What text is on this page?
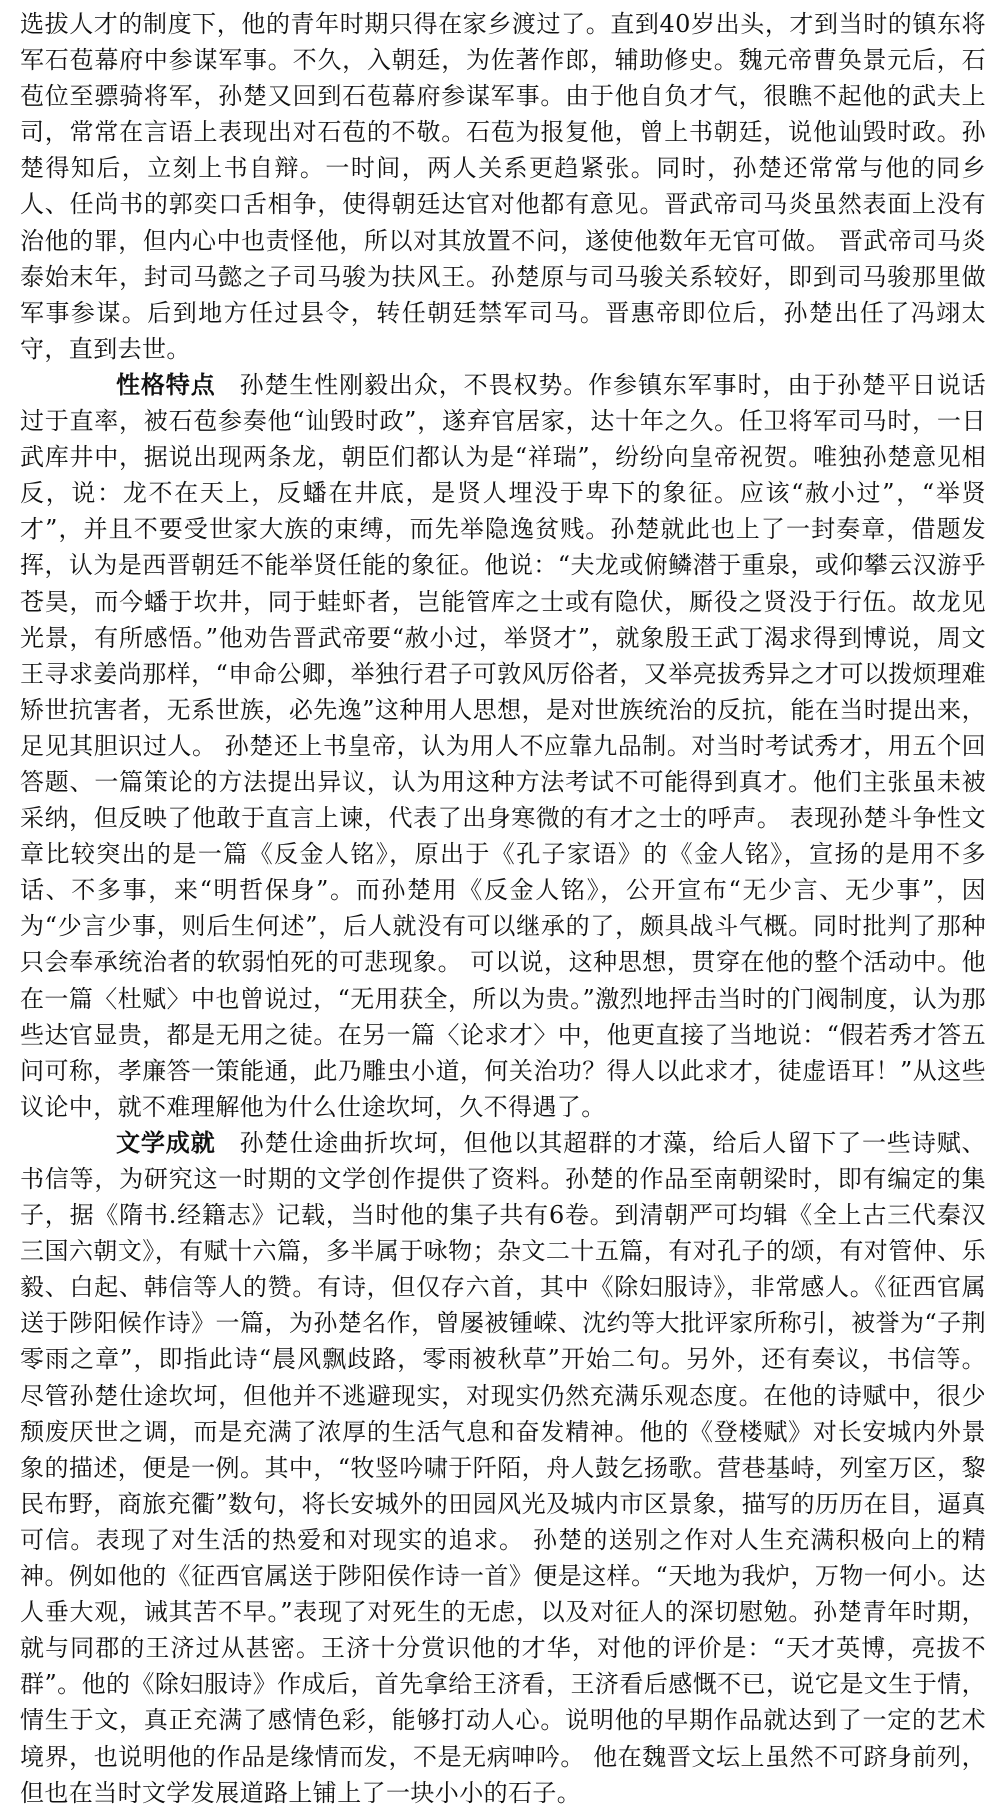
选拔人才的制度下，他的青年时期只得在家乡渡过了。直到40岁出头，才到当时的镇东将军石苞幕府中参谋军事。不久，入朝廷，为佐著作郎，辅助修史。魏元帝曹奂景元后，石苞位至骠骑将军，孙楚又回到石苞幕府参谋军事。由于他自负才气，很瞧不起他的武夫上司，常常在言语上表现出对石苞的不敬。石苞为报复他，曾上书朝廷，说他讪毁时政。孙楚得知后，立刻上书自辩。一时间，两人关系更趋紧张。同时，孙楚还常常与他的同乡人、任尚书的郭奕口舌相争，使得朝廷达官对他都有意见。晋武帝司马炎虽然表面上没有治他的罪，但内心中也责怪他，所以对其放置不问，遂使他数年无官可做。 晋武帝司马炎泰始末年，封司马懿之子司马骏为扶风王。孙楚原与司马骏关系较好，即到司马骏那里做军事参谋。后到地方任过县令，转任朝廷禁军司马。晋惠帝即位后，孙楚出任了冯翊太守，直到去世。

性格特点 孙楚生性刚毅出众，不畏权势。作参镇东军事时，由于孙楚平日说话过于直率，被石苞参奏他“讪毁时政”，遂弃官居家，达十年之久。任卫将军司马时，一日武库井中，据说出现两条龙，朝臣们都认为是“祥瑞”，纷纷向皇帝祝贺。唯独孙楚意见相反，说：龙不在天上，反蟠在井底，是贤人埋没于卑下的象征。应该“赦小过”，“举贤才”，并且不要受世家大族的束缚，而先举隐逸贫贱。孙楚就此也上了一封奏章，借题发挥，认为是西晋朝廷不能举贤任能的象征。他说：“夫龙或俯鳞潜于重泉，或仰攀云汉游乎苍昊，而今蟠于坎井，同于蛙虾者，岂能管库之士或有隐伏，厮役之贤没于行伍。故龙见光景，有所感悟。”他劝告晋武帝要“赦小过，举贤才”，就象殷王武丁渴求得到博说，周文王寻求姜尚那样，“申命公卿，举独行君子可敦风厉俗者，又举亮拔秀异之才可以拨烦理难矫世抗害者，无系世族，必先逸”这种用人思想，是对世族统治的反抗，能在当时提出来，足见其胆识过人。 孙楚还上书皇帝，认为用人不应靠九品制。对当时考试秀才，用五个回答题、一篇策论的方法提出异议，认为用这种方法考试不可能得到真才。他们主张虽未被采纳，但反映了他敢于直言上谏，代表了出身寒微的有才之士的呼声。 表现孙楚斗争性文章比较突出的是一篇《反金人铭》，原出于《孔子家语》的《金人铭》，宣扬的是用不多话、不多事，来“明哲保身”。而孙楚用《反金人铭》，公开宣布“无少言、无少事”，因为“少言少事，则后生何述”，后人就没有可以继承的了，颇具战斗气概。同时批判了那种只会奉承统治者的软弱怕死的可悲现象。 可以说，这种思想，贯穿在他的整个活动中。他在一篇〈杜赋〉中也曾说过，“无用获全，所以为贵。”激烈地抨击当时的门阀制度，认为那些达官显贵，都是无用之徒。在另一篇〈论求才〉中，他更直接了当地说：“假若秀才答五问可称，孝廉答一策能通，此乃雕虫小道，何关治功？得人以此求才，徒虚语耳！”从这些议论中，就不难理解他为什么仕途坎坷，久不得遇了。

文学成就 孙楚仕途曲折坎坷，但他以其超群的才藻，给后人留下了一些诗赋、书信等，为研究这一时期的文学创作提供了资料。孙楚的作品至南朝梁时，即有编定的集子，据《隋书.经籍志》记载，当时他的集子共有6卷。到清朝严可均辑《全上古三代秦汉三国六朝文》，有赋十六篇，多半属于咏物；杂文二十五篇，有对孔子的颂，有对管仲、乐毅、白起、韩信等人的赞。有诗，但仅存六首，其中《除妇服诗》，非常感人。《征西官属送于陟阳候作诗》一篇，为孙楚名作，曾屡被锺嵘、沈约等大批评家所称引，被誉为“子荆零雨之章”，即指此诗“晨风飘歧路，零雨被秋草”开始二句。另外，还有奏议，书信等。 尽管孙楚仕途坎坷，但他并不逃避现实，对现实仍然充满乐观态度。在他的诗赋中，很少颓废厌世之调，而是充满了浓厚的生活气息和奋发精神。他的《登楼赋》对长安城内外景象的描述，便是一例。其中，“牧竖吟啸于阡陌，舟人鼓乞扬歌。营巷基峙，列室万区，黎民布野，商旅充衢”数句，将长安城外的田园风光及城内市区景象，描写的历历在目，逼真可信。表现了对生活的热爱和对现实的追求。 孙楚的送别之作对人生充满积极向上的精神。例如他的《征西官属送于陟阳侯作诗一首》便是这样。“天地为我炉，万物一何小。达人垂大观，诫其苦不早。”表现了对死生的无虑，以及对征人的深切慰勉。孙楚青年时期，就与同郡的王济过从甚密。王济十分赏识他的才华，对他的评价是：“天才英博，亮拔不群”。他的《除妇服诗》作成后，首先拿给王济看，王济看后感慨不已，说它是文生于情，情生于文，真正充满了感情色彩，能够打动人心。说明他的早期作品就达到了一定的艺术境界，也说明他的作品是缘情而发，不是无病呻吟。 他在魏晋文坛上虽然不可跻身前列，但也在当时文学发展道路上铺上了一块小小的石子。
